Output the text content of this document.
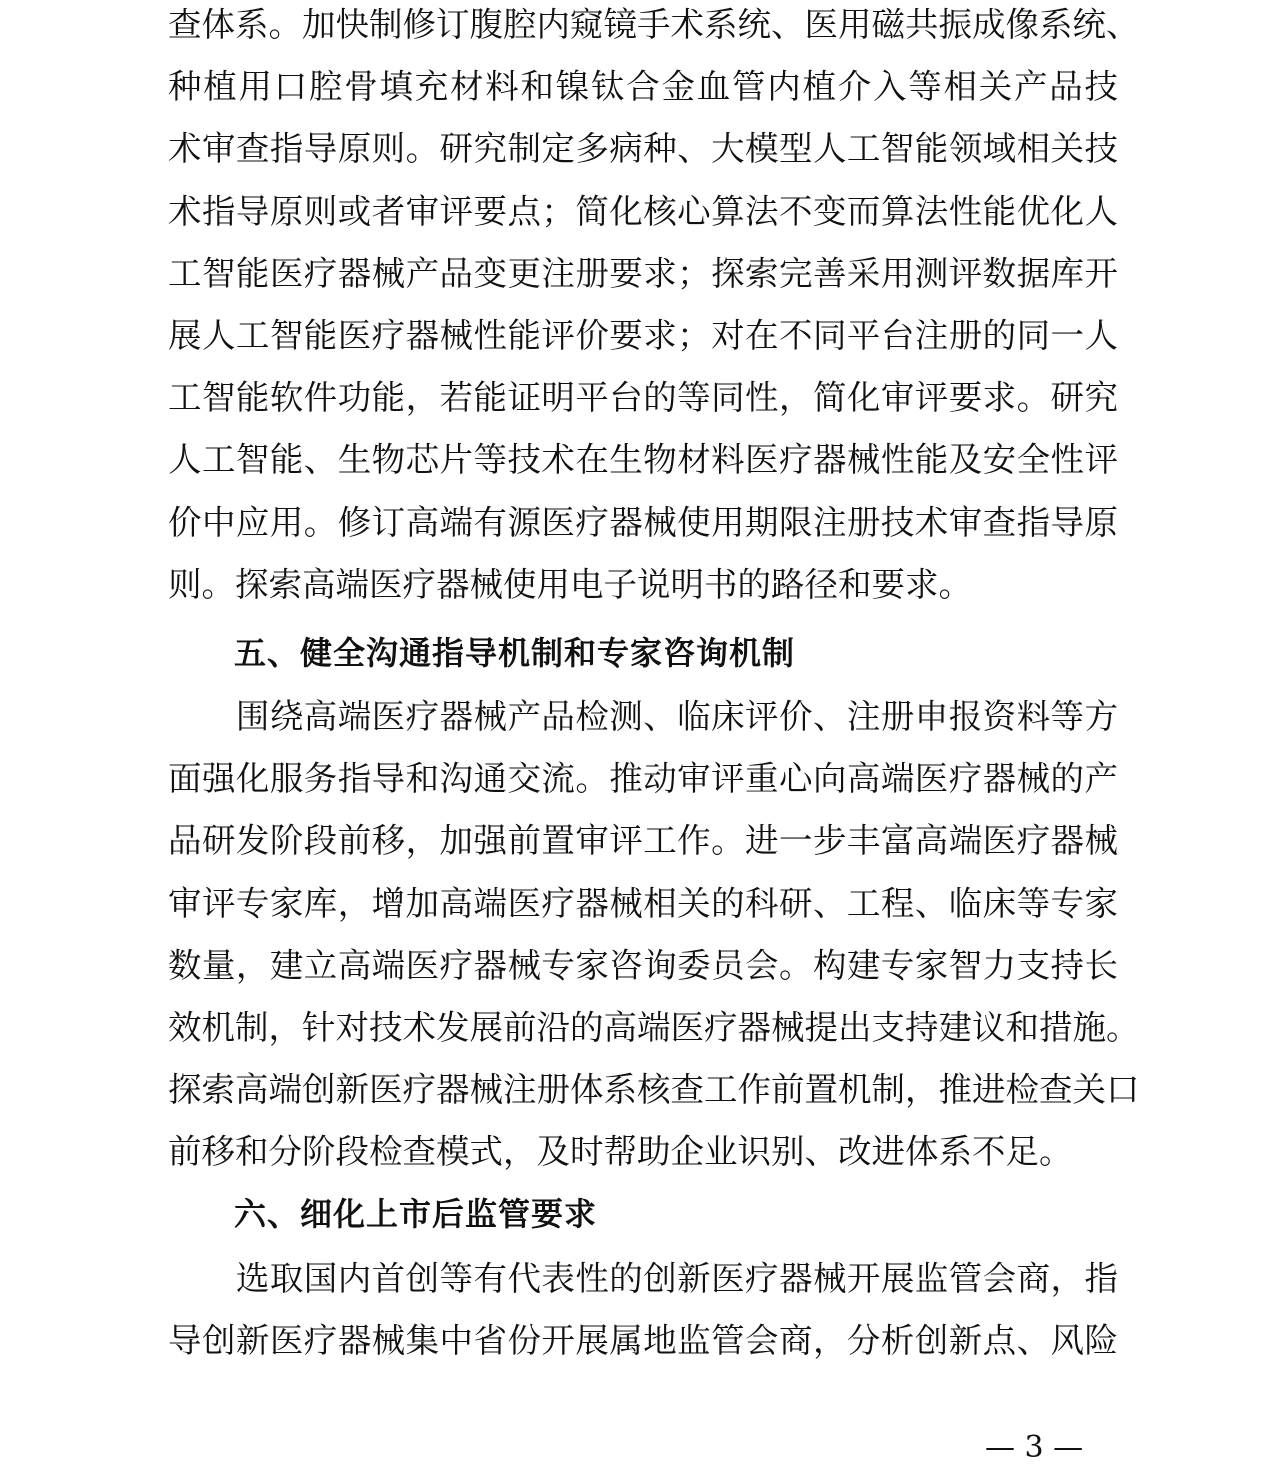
查体系。加快制修订腹腔内窥镜手术系统、医用磁共振成像系统、
种植用口腔骨填充材料和镍钛合金血管内植介入等相关产品技
术审查指导原则。研究制定多病种、大模型人工智能领域相关技
术指导原则或者审评要点；简化核心算法不变而算法性能优化人
工智能医疗器械产品变更注册要求；探索完善采用测评数据库开
展人工智能医疗器械性能评价要求；对在不同平台注册的同一人
工智能软件功能，若能证明平台的等同性，简化审评要求。研究
人工智能、生物芯片等技术在生物材料医疗器械性能及安全性评
价中应用。修订高端有源医疗器械使用期限注册技术审查指导原
则。探索高端医疗器械使用电子说明书的路径和要求。
五、健全沟通指导机制和专家咨询机制
　　围绕高端医疗器械产品检测、临床评价、注册申报资料等方
面强化服务指导和沟通交流。推动审评重心向高端医疗器械的产
品研发阶段前移，加强前置审评工作。进一步丰富高端医疗器械
审评专家库，增加高端医疗器械相关的科研、工程、临床等专家
数量，建立高端医疗器械专家咨询委员会。构建专家智力支持长
效机制，针对技术发展前沿的高端医疗器械提出支持建议和措施。
探索高端创新医疗器械注册体系核查工作前置机制，推进检查关口
前移和分阶段检查模式，及时帮助企业识别、改进体系不足。
六、细化上市后监管要求
　　选取国内首创等有代表性的创新医疗器械开展监管会商，指
导创新医疗器械集中省份开展属地监管会商，分析创新点、风险
— 3 —
